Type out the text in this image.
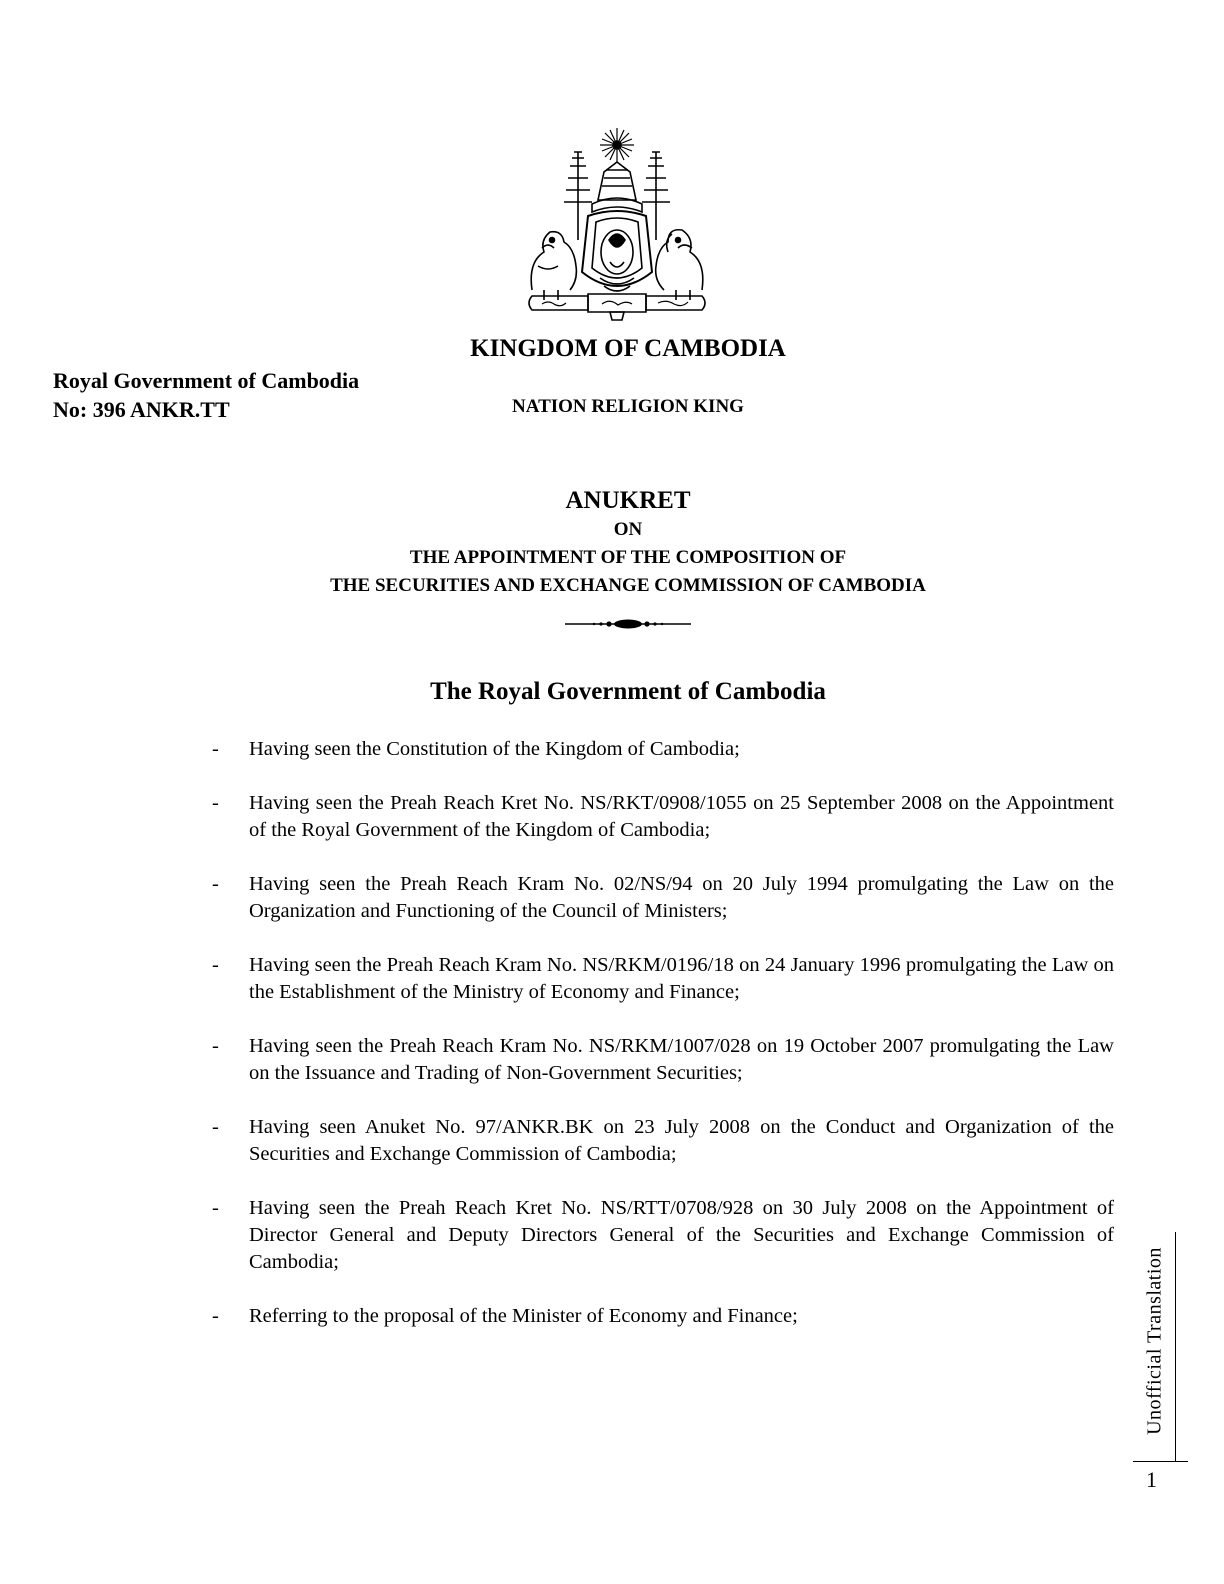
KINGDOM OF CAMBODIA
NATION RELIGION KING
Royal Government of Cambodia
No: 396 ANKR.TT
ANUKRET
ON
THE APPOINTMENT OF THE COMPOSITION OF
THE SECURITIES AND EXCHANGE COMMISSION OF CAMBODIA
The Royal Government of Cambodia
-	Having seen the Constitution of the Kingdom of Cambodia;
-	Having seen the Preah Reach Kret No. NS/RKT/0908/1055 on 25 September 2008 on the Appointment of the Royal Government of the Kingdom of Cambodia;
-	Having seen the Preah Reach Kram No. 02/NS/94 on 20 July 1994 promulgating the Law on the Organization and Functioning of the Council of Ministers;
-	Having seen the Preah Reach Kram No. NS/RKM/0196/18 on 24 January 1996 promulgating the Law on the Establishment of the Ministry of Economy and Finance;
-	Having seen the Preah Reach Kram No. NS/RKM/1007/028 on 19 October 2007 promulgating the Law on the Issuance and Trading of Non-Government Securities;
-	Having seen Anuket No. 97/ANKR.BK on 23 July 2008 on the Conduct and Organization of the Securities and Exchange Commission of Cambodia;
-	Having seen the Preah Reach Kret No. NS/RTT/0708/928 on 30 July 2008 on the Appointment of Director General and Deputy Directors General of the Securities and Exchange Commission of Cambodia;
-	Referring to the proposal of the Minister of Economy and Finance;	Unofficial Translation
1
